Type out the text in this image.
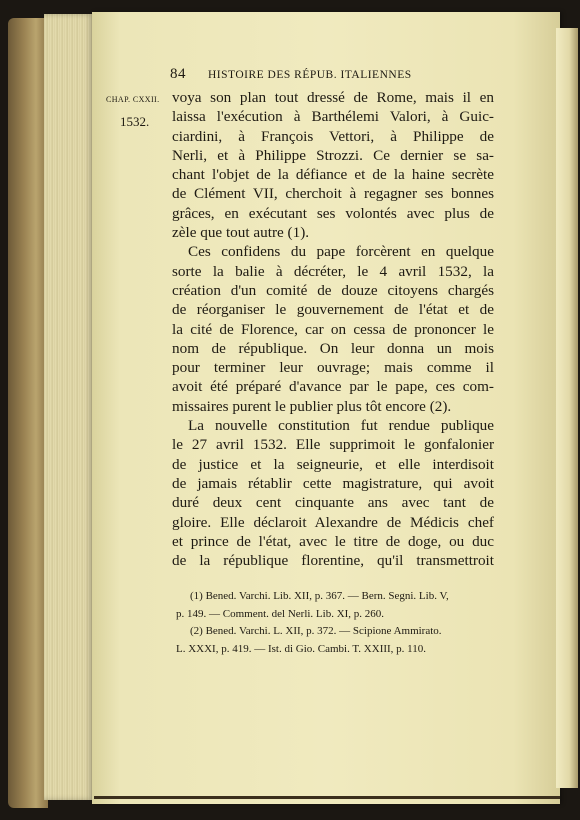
84 HISTOIRE DES RÉPUB. ITALIENNES
CHAP. CXXII.
1532.
voya son plan tout dressé de Rome, mais il en
laissa l'exécution à Barthélemi Valori, à Guic-
ciardini, à François Vettori, à Philippe de
Nerli, et à Philippe Strozzi. Ce dernier se sa-
chant l'objet de la défiance et de la haine secrète
de Clément VII, cherchoit à regagner ses bonnes
grâces, en exécutant ses volontés avec plus de
zèle que tout autre (1).
Ces confidens du pape forcèrent en quelque
sorte la balie à décréter, le 4 avril 1532, la
création d'un comité de douze citoyens chargés
de réorganiser le gouvernement de l'état et de
la cité de Florence, car on cessa de prononcer le
nom de république. On leur donna un mois
pour terminer leur ouvrage; mais comme il
avoit été préparé d'avance par le pape, ces com-
missaires purent le publier plus tôt encore (2).
La nouvelle constitution fut rendue publique
le 27 avril 1532. Elle supprimoit le gonfalonier
de justice et la seigneurie, et elle interdisoit
de jamais rétablir cette magistrature, qui avoit
duré deux cent cinquante ans avec tant de
gloire. Elle déclaroit Alexandre de Médicis chef
et prince de l'état, avec le titre de doge, ou duc
de la république florentine, qu'il transmettroit
(1) Bened. Varchi. Lib. XII, p. 367. — Bern. Segni. Lib. V,
p. 149. — Comment. del Nerli. Lib. XI, p. 260.
(2) Bened. Varchi. L. XII, p. 372. — Scipione Ammirato.
L. XXXI, p. 419. — Ist. di Gio. Cambi. T. XXIII, p. 110.
